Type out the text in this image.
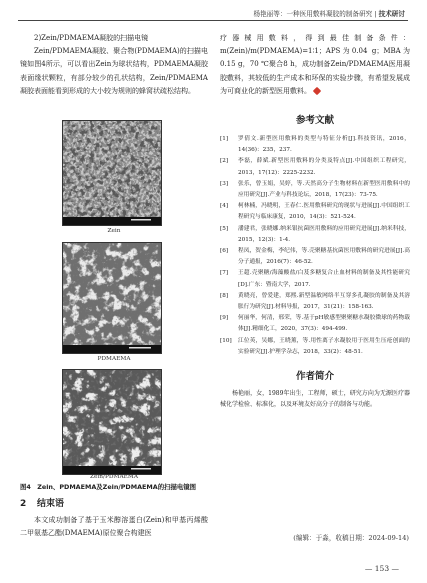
杨艳丽等：一种医用敷料凝胶的制备研究 | 技术研讨

2)Zein/PDMAEMA凝胶的扫描电镜

Zein/PDMAEMA凝胶、聚合物(PDMAEMA)的扫描电镜如图4所示，可以看出Zein为球状结构，PDMAEMA凝胶表面缘状颗粒，有部分较少的孔状结构，Zein/PDMAEMA凝胶表面能看到形成的大小较为规则的蜂窝状疏松结构。

Zein
PDMAEMA
Zein/PDMAEMA
图4　Zein、PDMAEMA及Zein/PDMAEMA的扫描电镜图
2   结束语

本文成功制备了基于玉米醇溶蛋白(Zein)和甲基丙烯酸二甲氨基乙酯(DMAEMA)原位聚合构建医

疗器械用敷料，得到最佳制备条件：m(Zein)/m(PDMAEMA)=1∶1；APS为0.04 g；MBA为0.15 g，70 ℃聚合8 h，成功制备Zein/PDMAEMA医用凝胶敷料，其较低的生产成本和环保的实验步骤，有希望发展成为可商业化的新型医用敷料。

参考文献

[1]	罗倩文.新型医用敷料的类型与特征分析[J].科技资讯，2016，14(36)：235，237.
[2]	李磊，薛斌.新型医用敷料的分类及特点[J].中国组织工程研究，2013，17(12)：2225-2232.
[3]	张乐，曾玉娟，吴婷，等.天然高分子生物材料在新型医用敷料中的应用研究[J].产业与科技论坛，2018，17(23)：73-75.
[4]	柯林楠，冯晓明，王春仁.医用敷料研究的现状与进展[J].中国组织工程研究与临床康复，2010，14(3)：521-524.
[5]	潘建君，张晓娜.纳米银抗菌医用敷料的应用研究进展[J].纳米科技，2015，12(3)：1-4.
[6]	程凤，贺金梅，李纪伟，等.壳聚糖基抗菌医用敷料的研究进展[J].高分子通报，2016(7)：46-52.
[7]	王超.壳聚糖/海藻酸盐/白芨多糖复合止血材料的制备及其性能研究[D].广东：暨南大学，2017.
[8]	黄晓亮，曾爱建，郑熙.新型温敏网络半互穿多孔凝胶的制备及其溶胀行为研究[J].材料导报，2017，31(21)：158-163.
[9]	何丽华，何清，邢荣，等.基于pH敏感型聚聚糖水凝胶微球的药物载体[J].精细化工，2020，37(3)：494-499.
[10]	江位英，吴娜，王晓薰，等.用性离子水凝胶用于医用生压疮创面的实验研究[J].护理学杂志，2018，33(2)：48-51.

作者简介

杨艳丽，女，1989年出生，工程师，硕士，研究方向为无源医疗器械化学检验、标准化，以及环境友好高分子的制备与功能。

(编辑：于淼，收稿日期：2024-09-14)
— 153 —
